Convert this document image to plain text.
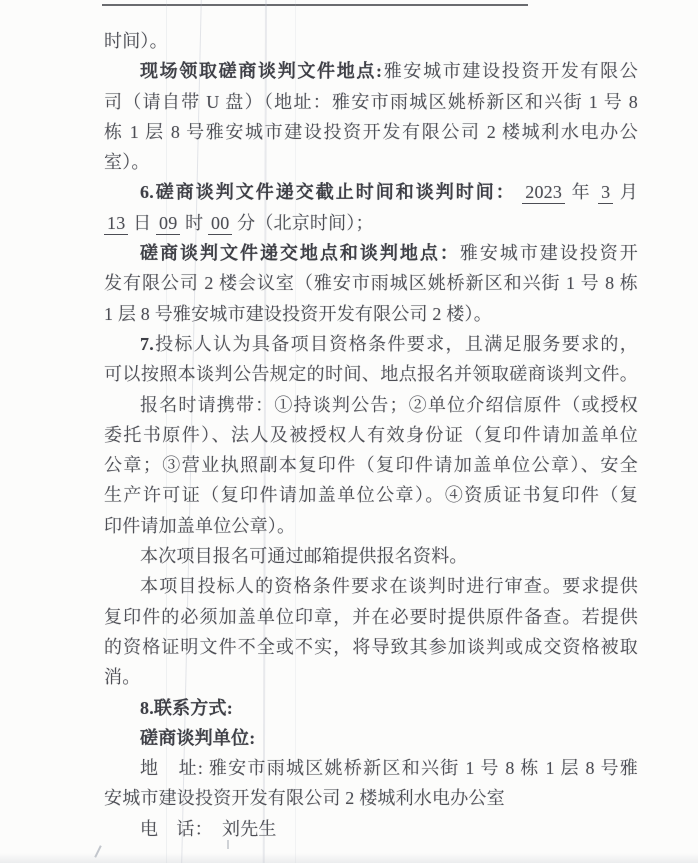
时间）。
现场领取磋商谈判文件地点:雅安城市建设投资开发有限公
司（请自带 U 盘）（地址：雅安市雨城区姚桥新区和兴街 1 号 8
栋 1 层 8 号雅安城市建设投资开发有限公司 2 楼城利水电办公
室）。
6.磋商谈判文件递交截止时间和谈判时间： 2023 年 3 月
13 日 09 时 00 分（北京时间）；
磋商谈判文件递交地点和谈判地点：雅安城市建设投资开
发有限公司 2 楼会议室（雅安市雨城区姚桥新区和兴街 1 号 8 栋
1 层 8 号雅安城市建设投资开发有限公司 2 楼）。
7.投标人认为具备项目资格条件要求，且满足服务要求的，
可以按照本谈判公告规定的时间、地点报名并领取磋商谈判文件。
报名时请携带：①持谈判公告；②单位介绍信原件（或授权
委托书原件）、法人及被授权人有效身份证（复印件请加盖单位
公章；③营业执照副本复印件（复印件请加盖单位公章）、安全
生产许可证（复印件请加盖单位公章）。④资质证书复印件（复
印件请加盖单位公章）。
本次项目报名可通过邮箱提供报名资料。
本项目投标人的资格条件要求在谈判时进行审查。要求提供
复印件的必须加盖单位印章，并在必要时提供原件备查。若提供
的资格证明文件不全或不实，将导致其参加谈判或成交资格被取
消。
8.联系方式:
磋商谈判单位:
地　址: 雅安市雨城区姚桥新区和兴街 1 号 8 栋 1 层 8 号雅
安城市建设投资开发有限公司 2 楼城利水电办公室
电　话：　刘先生
